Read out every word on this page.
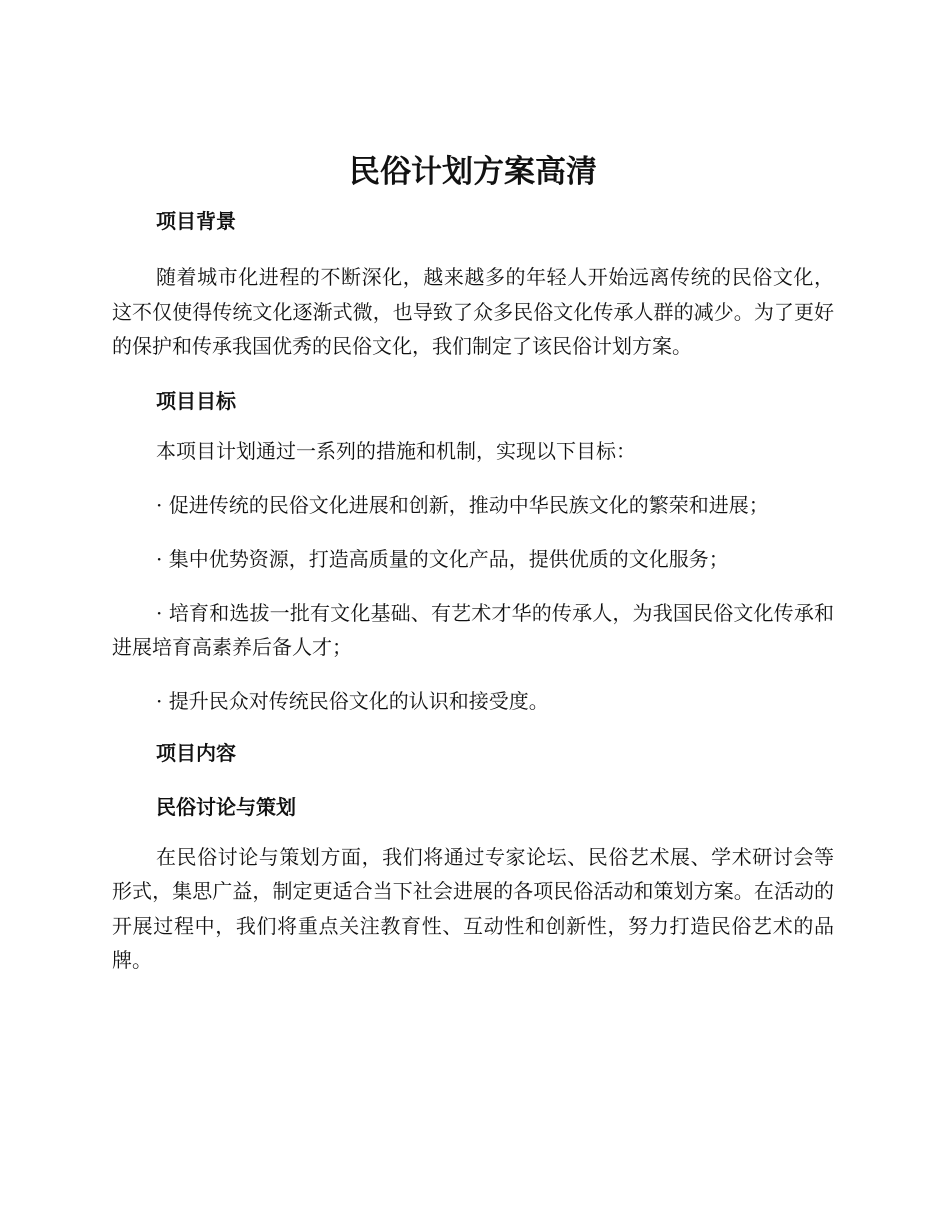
民俗计划方案高清
项目背景

随着城市化进程的不断深化，越来越多的年轻人开始远离传统的民俗文化，这不仅使得传统文化逐渐式微，也导致了众多民俗文化传承人群的减少。为了更好的保护和传承我国优秀的民俗文化，我们制定了该民俗计划方案。

项目目标

本项目计划通过一系列的措施和机制，实现以下目标：

· 促进传统的民俗文化进展和创新，推动中华民族文化的繁荣和进展；

· 集中优势资源，打造高质量的文化产品，提供优质的文化服务；

· 培育和选拔一批有文化基础、有艺术才华的传承人，为我国民俗文化传承和进展培育高素养后备人才；

· 提升民众对传统民俗文化的认识和接受度。

项目内容
民俗讨论与策划

在民俗讨论与策划方面，我们将通过专家论坛、民俗艺术展、学术研讨会等形式，集思广益，制定更适合当下社会进展的各项民俗活动和策划方案。在活动的开展过程中，我们将重点关注教育性、互动性和创新性，努力打造民俗艺术的品牌。
